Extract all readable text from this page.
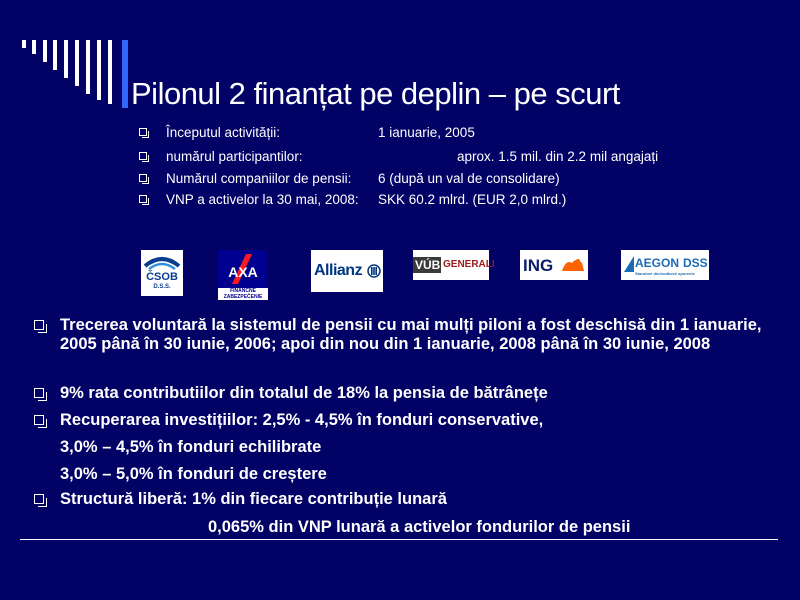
Pilonul 2 finanțat pe deplin – pe scurt
Începutul activității:	1 ianuarie, 2005
numărul participantilor:	aprox. 1.5 mil. din 2.2 mil angajați
Numărul companiilor de pensii: 6 (după un val de consolidare)
VNP a activelor la 30 mai, 2008: SKK 60.2 mlrd. (EUR 2,0 mlrd.)
ČSOB
D.S.S.
AXA
FINANČNÉ ZABEZPEČENIE
Allianz	VÚB GENERALI ING	AEGON DSS
Starobné dôchodkové sporenie
Trecerea voluntară la sistemul de pensii cu mai mulți piloni a fost deschisă din 1 ianuarie, 2005 până în 30 iunie, 2006; apoi din nou din 1 ianuarie, 2008 până în 30 iunie, 2008
9% rata contributiilor din totalul de 18% la pensia de bătrânețe
Recuperarea investițiilor: 2,5% - 4,5% în fonduri conservative,
3,0% – 4,5% în fonduri echilibrate
3,0% – 5,0% în fonduri de creștere
Structură liberă: 1% din fiecare contribuție lunară
0,065% din VNP lunară a activelor fondurilor de pensii
